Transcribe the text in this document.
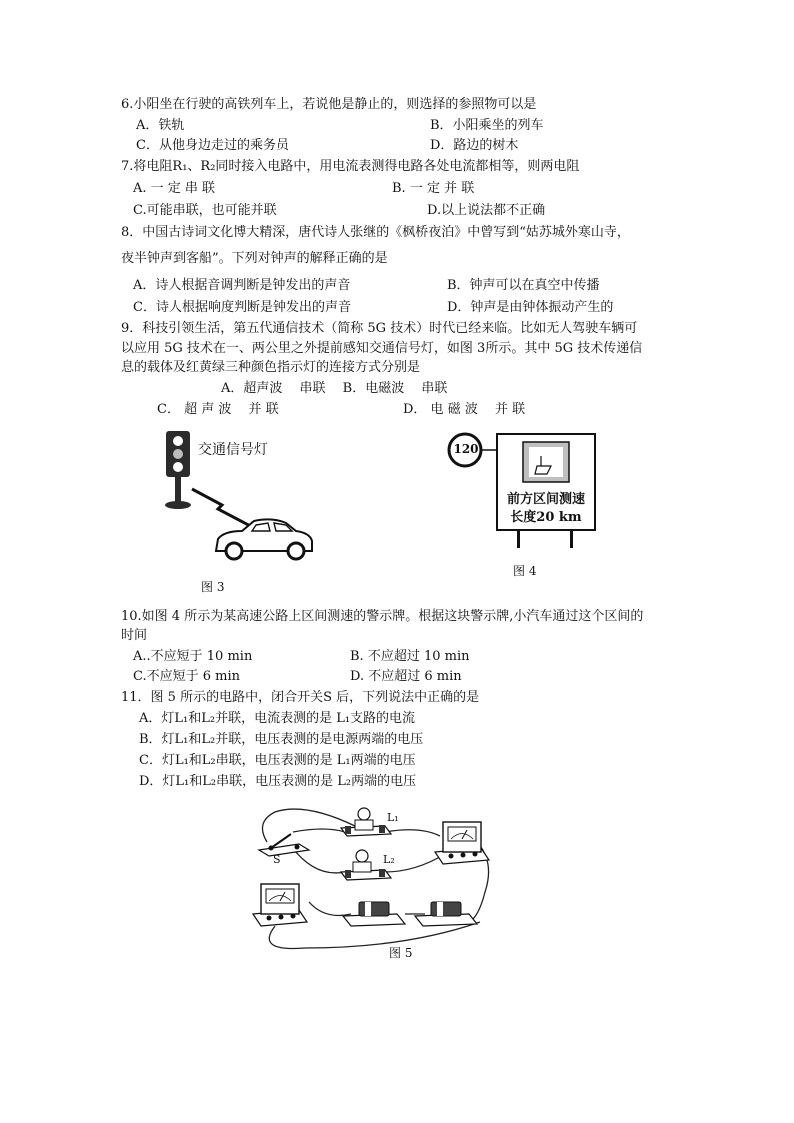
6.小阳坐在行驶的高铁列车上，若说他是静止的，则选择的参照物可以是
A．铁轨	B．小阳乘坐的列车
C．从他身边走过的乘务员	D．路边的树木
7.将电阻R₁、R₂同时接入电路中，用电流表测得电路各处电流都相等，则两电阻
A. 一 定 串 联	B. 一 定 并 联
C.可能串联，也可能并联	D.以上说法都不正确
8．中国古诗词文化博大精深，唐代诗人张继的《枫桥夜泊》中曾写到“姑苏城外寒山寺，
夜半钟声到客船”。下列对钟声的解释正确的是
A．诗人根据音调判断是钟发出的声音	B．钟声可以在真空中传播
C．诗人根据响度判断是钟发出的声音	D．钟声是由钟体振动产生的
9．科技引领生活，第五代通信技术（简称 5G 技术）时代已经来临。比如无人驾驶车辆可
以应用 5G 技术在一、两公里之外提前感知交通信号灯，如图 3所示。其中 5G 技术传递信
息的载体及红黄绿三种颜色指示灯的连接方式分别是
A．超声波　 串联　 B．电磁波　 串联
C． 超 声 波　 并 联	D． 电 磁 波　 并 联
交通信号灯
图 3
120
前方区间测速
长度20 km
图 4
10.如图 4 所示为某高速公路上区间测速的警示牌。根据这块警示牌,小汽车通过这个区间的
时间
A..不应短于 10 min	B. 不应超过 10 min
C.不应短于 6 min	D. 不应超过 6 min
11．图 5 所示的电路中，闭合开关S 后，下列说法中正确的是
A．灯L₁和L₂并联，电流表测的是 L₁支路的电流
B．灯L₁和L₂并联，电压表测的是电源两端的电压
C．灯L₁和L₂串联，电压表测的是 L₁两端的电压
D．灯L₁和L₂串联，电压表测的是 L₂两端的电压
L₁
L₂
S
图 5
